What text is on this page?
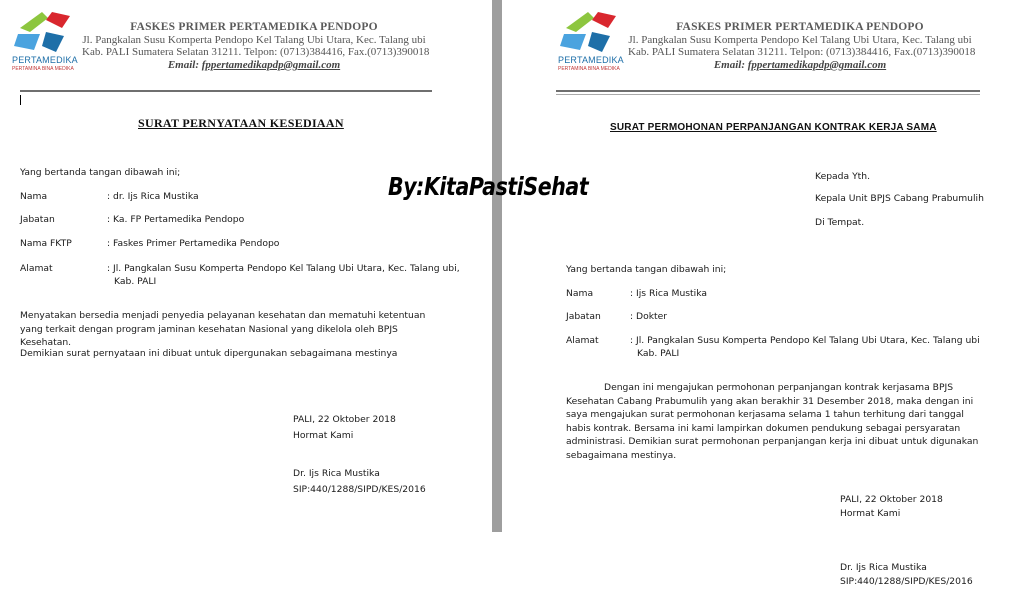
PERTAMEDIKA
PERTAMINA BINA MEDIKA
FASKES PRIMER PERTAMEDIKA PENDOPO
Jl. Pangkalan Susu Komperta Pendopo Kel Talang Ubi Utara, Kec. Talang ubi
Kab. PALI Sumatera Selatan 31211. Telpon: (0713)384416, Fax.(0713)390018
Email: fppertamedikapdp@gmail.com
SURAT PERNYATAAN KESEDIAAN
Yang bertanda tangan dibawah ini;
Nama	: dr. Ijs Rica Mustika
Jabatan	: Ka. FP Pertamedika Pendopo
Nama FKTP	: Faskes Primer Pertamedika Pendopo
Alamat	: Jl. Pangkalan Susu Komperta Pendopo Kel Talang Ubi Utara, Kec. Talang ubi,
Kab. PALI
Menyatakan bersedia menjadi penyedia pelayanan kesehatan dan mematuhi ketentuan yang terkait dengan program jaminan kesehatan Nasional yang dikelola oleh BPJS Kesehatan.
Demikian surat pernyataan ini dibuat untuk dipergunakan sebagaimana mestinya
PALI, 22 Oktober 2018
Hormat Kami
Dr. Ijs Rica Mustika
SIP:440/1288/SIPD/KES/2016
PERTAMEDIKA
PERTAMINA BINA MEDIKA
FASKES PRIMER PERTAMEDIKA PENDOPO
Jl. Pangkalan Susu Komperta Pendopo Kel Talang Ubi Utara, Kec. Talang ubi
Kab. PALI Sumatera Selatan 31211. Telpon: (0713)384416, Fax.(0713)390018
Email: fppertamedikapdp@gmail.com
SURAT PERMOHONAN PERPANJANGAN KONTRAK KERJA SAMA
Kepada Yth.
Kepala Unit BPJS Cabang Prabumulih
Di Tempat.
Yang bertanda tangan dibawah ini;
Nama	: Ijs Rica Mustika
Jabatan	: Dokter
Alamat	: Jl. Pangkalan Susu Komperta Pendopo Kel Talang Ubi Utara, Kec. Talang ubi
Kab. PALI
Dengan ini mengajukan permohonan perpanjangan kontrak kerjasama BPJS Kesehatan Cabang Prabumulih yang akan berakhir 31 Desember 2018, maka dengan ini saya mengajukan surat permohonan kerjasama selama 1 tahun terhitung dari tanggal habis kontrak. Bersama ini kami lampirkan dokumen pendukung sebagai persyaratan administrasi. Demikian surat permohonan perpanjangan kerja ini dibuat untuk digunakan sebagaimana mestinya.
PALI, 22 Oktober 2018
Hormat Kami
Dr. Ijs Rica Mustika
SIP:440/1288/SIPD/KES/2016
By:KitaPastiSehat
